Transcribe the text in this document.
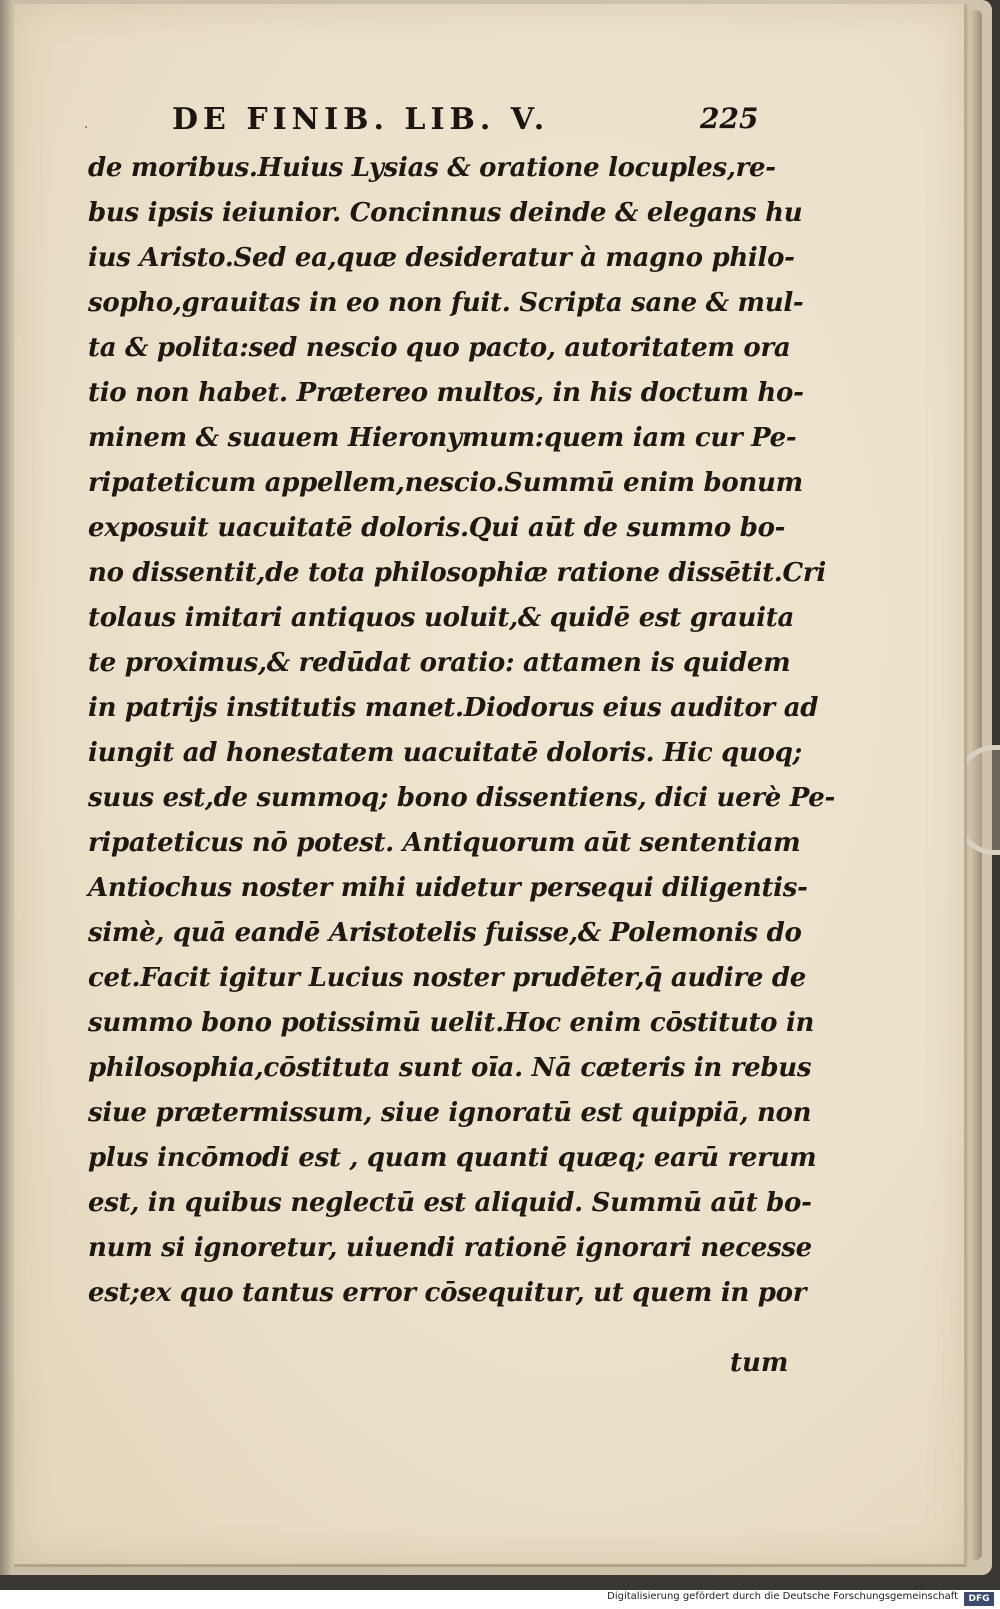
·	DE FINIB. LIB. V.	225
de moribus.Huius Lysias & oratione locuples,re-
bus ipsis ieiunior. Concinnus deinde & elegans hu
ius Aristo.Sed ea,quæ desideratur à magno philo-
sopho,grauitas in eo non fuit. Scripta sane & mul-
ta & polita:sed nescio quo pacto, autoritatem ora
tio non habet. Prætereo multos, in his doctum ho-
minem & suauem Hieronymum:quem iam cur Pe-
ripateticum appellem,nescio.Summū enim bonum
exposuit uacuitatē doloris.Qui aūt de summo bo-
no dissentit,de tota philosophiæ ratione dissētit.Cri
tolaus imitari antiquos uoluit,& quidē est grauita
te proximus,& redūdat oratio: attamen is quidem
in patrijs institutis manet.Diodorus eius auditor ad
iungit ad honestatem uacuitatē doloris. Hic quoq;
suus est,de summoq; bono dissentiens, dici uerè Pe-
ripateticus nō potest. Antiquorum aūt sententiam
Antiochus noster mihi uidetur persequi diligentis-
simè, quā eandē Aristotelis fuisse,& Polemonis do
cet.Facit igitur Lucius noster prudēter,q̄ audire de
summo bono potissimū uelit.Hoc enim cōstituto in
philosophia,cōstituta sunt oīa. Nā cæteris in rebus
siue prætermissum, siue ignoratū est quippiā, non
plus incōmodi est , quam quanti quæq; earū rerum
est, in quibus neglectū est aliquid. Summū aūt bo-
num si ignoretur, uiuendi rationē ignorari necesse
est;ex quo tantus error cōsequitur, ut quem in por
tum
Digitalisierung gefördert durch die Deutsche Forschungsgemeinschaft	DFG
